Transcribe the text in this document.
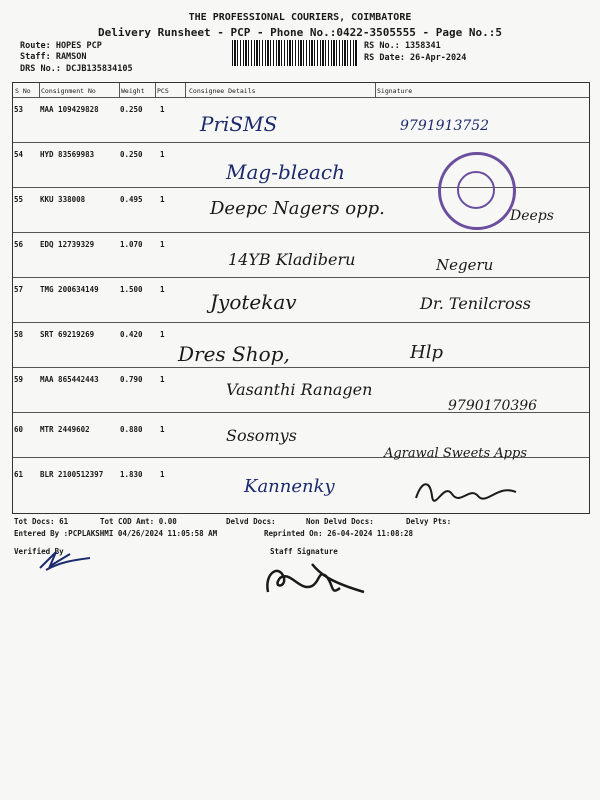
THE PROFESSIONAL COURIERS, COIMBATORE
Delivery Runsheet - PCP - Phone No.:0422-3505555 - Page No.:5
Route: HOPES PCP
Staff: RAMSON
DRS No.: DCJB135834105
RS No.: 1358341
RS Date: 26-Apr-2024
S No Consignment No	Weight PCS	Consignee Details	Signature
53 MAA 109429828	0.250 1
PriSMS	9791913752
54 HYD 83569983	0.250 1
Mag-bleach
55 KKU 338008	0.495 1	Deepc Nagers opp.	Deeps
56 EDQ 12739329	1.070 1
14YB Kladiberu	Negeru
57 TMG 200634149	1.500 1
Jyotekav	Dr. Tenilcross
58 SRT 69219269	0.420 1
Dres Shop,	Hlp
59 MAA 865442443	0.790 1
Vasanthi Ranagen
9790170396
60 MTR 2449602	0.880 1	Sosomys
Agrawal Sweets Apps
61 BLR 2100512397 1.830 1
Kannenky
Tot Docs: 61	Tot COD Amt: 0.00	Delvd Docs:	Non Delvd Docs:	Delvy Pts:
Entered By :PCPLAKSHMI 04/26/2024 11:05:58 AM	Reprinted On: 26-04-2024 11:08:28
Verified By	Staff Signature
